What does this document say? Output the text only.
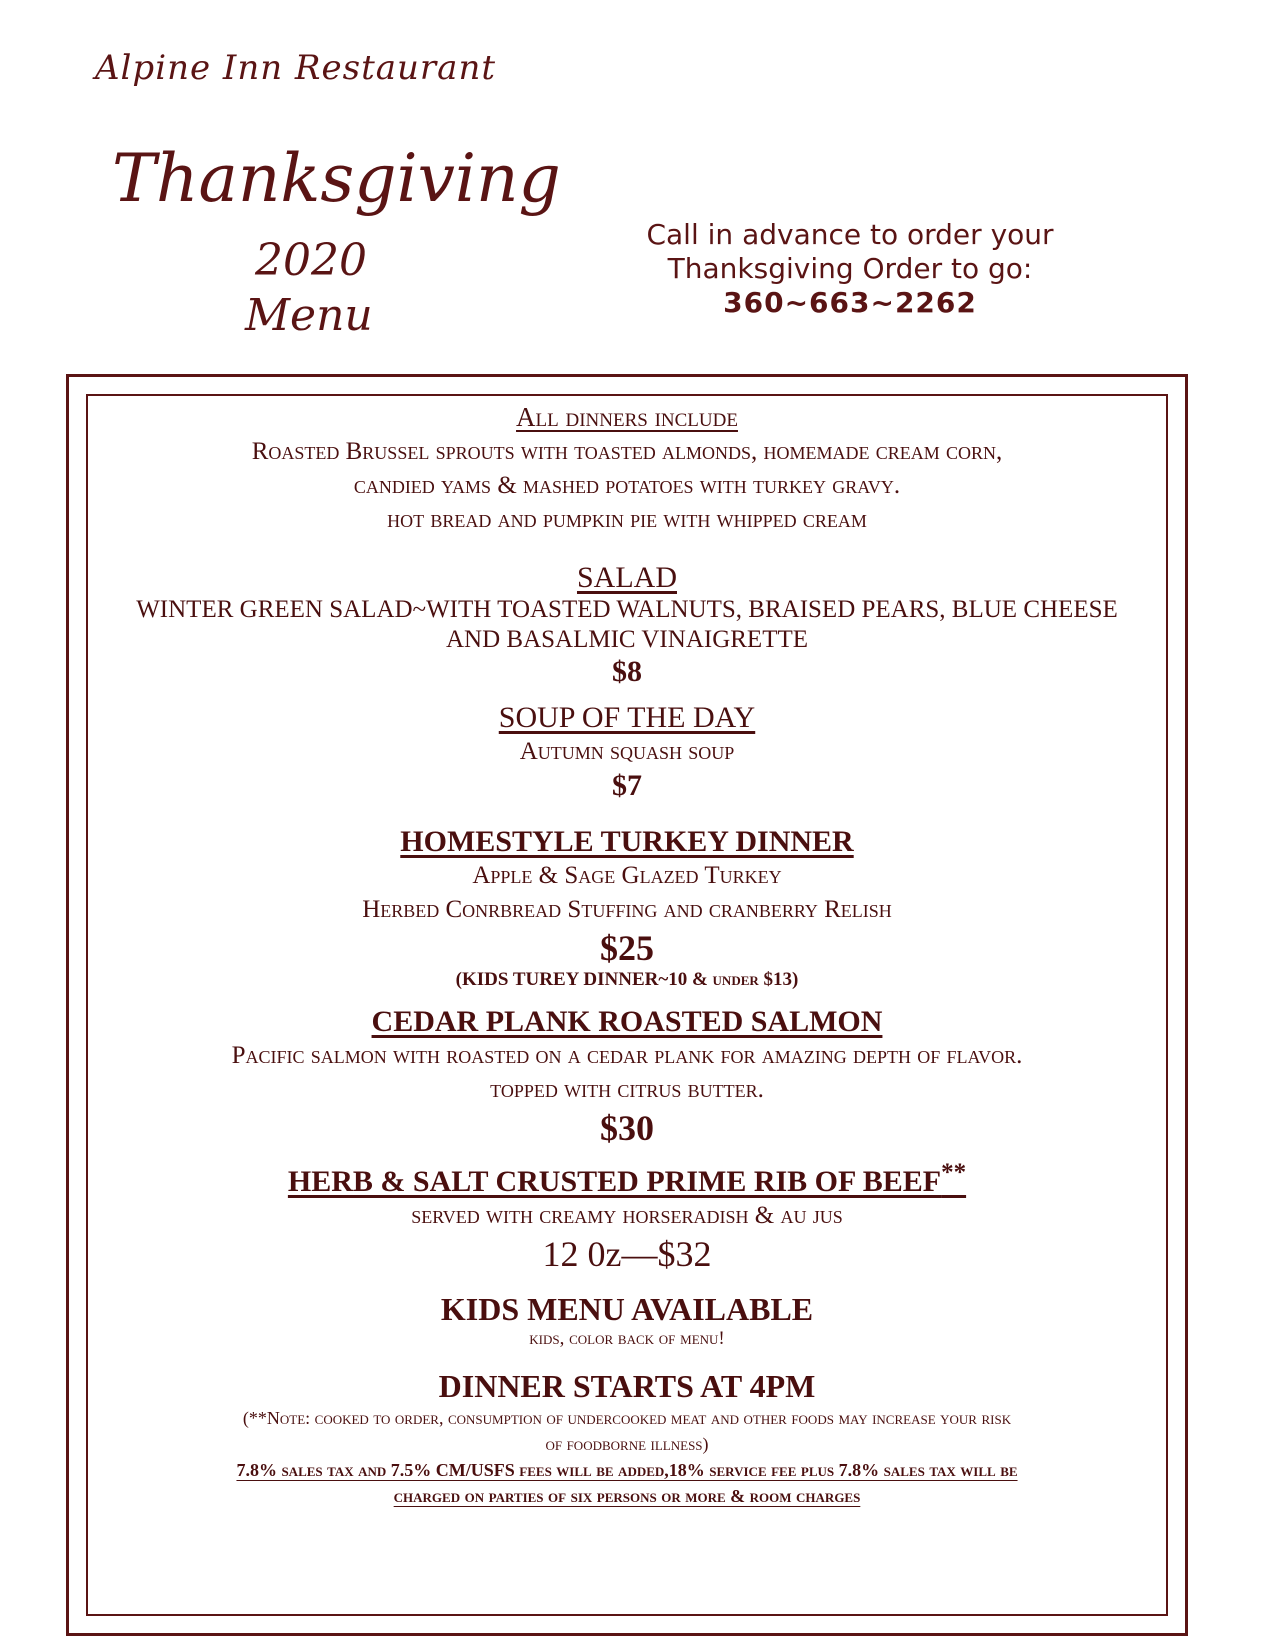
Alpine Inn Restaurant
Thanksgiving
2020
Menu
Call in advance to order your
Thanksgiving Order to go:
360~663~2262
All dinners include
Roasted Brussel sprouts with toasted almonds, homemade cream corn,
candied yams & mashed potatoes with turkey gravy.
hot bread and pumpkin pie with whipped cream
SALAD
WINTER GREEN SALAD~WITH TOASTED WALNUTS, BRAISED PEARS, BLUE CHEESE
AND BASALMIC VINAIGRETTE
$8
SOUP OF THE DAY
Autumn squash soup
$7
HOMESTYLE TURKEY DINNER
Apple & Sage Glazed Turkey
Herbed Conrbread Stuffing and cranberry Relish
$25
(KIDS TUREY DINNER~10 & under $13)
CEDAR PLANK ROASTED SALMON
Pacific salmon with roasted on a cedar plank for amazing depth of flavor.
topped with citrus butter.
$30
HERB & SALT CRUSTED PRIME RIB OF BEEF**
served with creamy horseradish & au jus
12 0z—$32
KIDS MENU AVAILABLE
kids, color back of menu!
DINNER STARTS AT 4PM
(**Note: cooked to order, consumption of undercooked meat and other foods may increase your risk
of foodborne illness)
7.8% sales tax and 7.5% CM/USFS fees will be added,18% service fee plus 7.8% sales tax will be
charged on parties of six persons or more & room charges
